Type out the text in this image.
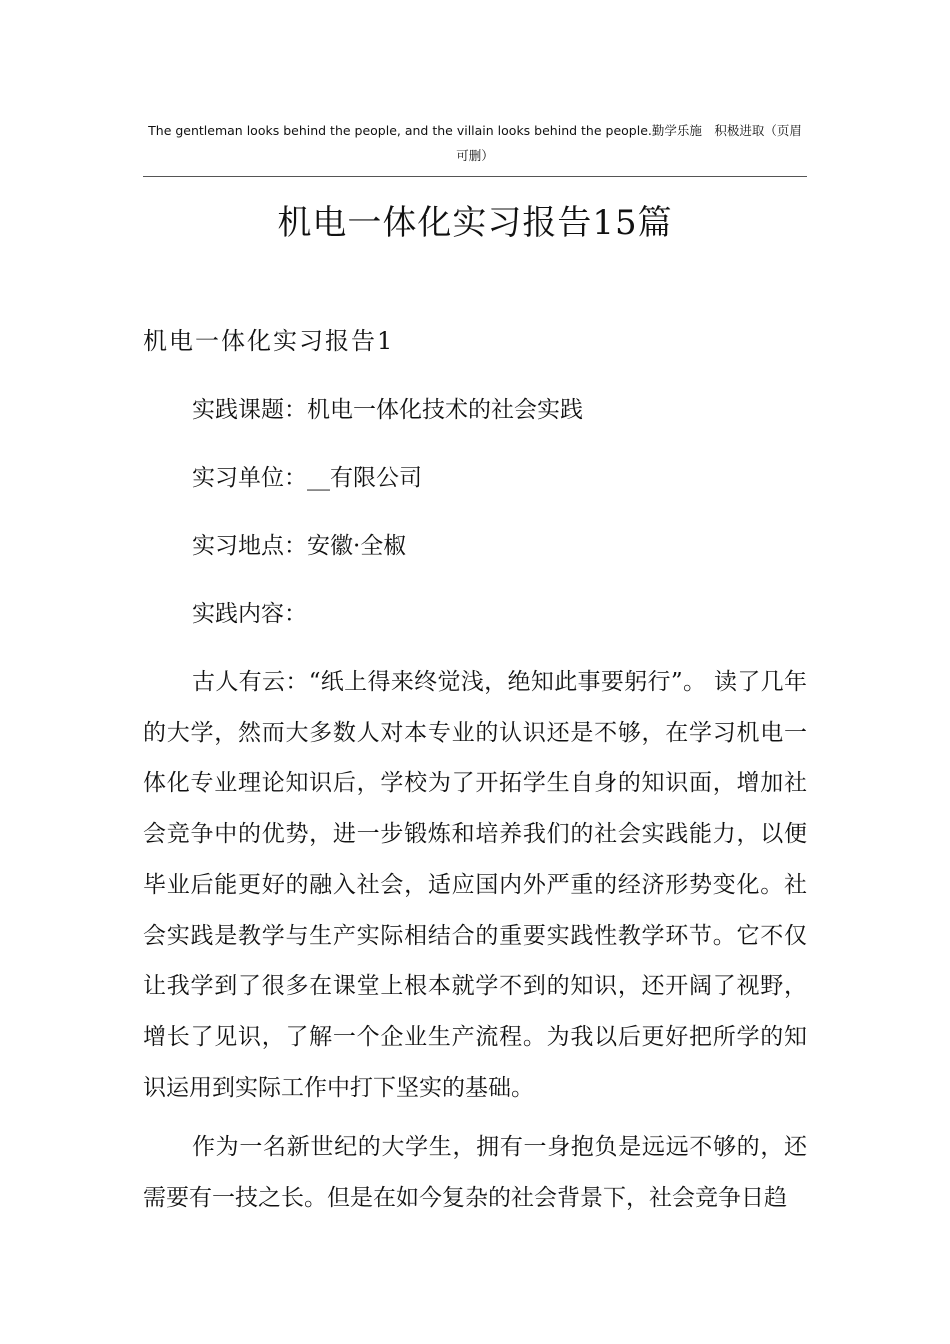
The gentleman looks behind the people, and the villain looks behind the people.勤学乐施　积极进取（页眉可删）
机电一体化实习报告15篇
机电一体化实习报告1

实践课题：机电一体化技术的社会实践

实习单位：__有限公司

实习地点：安徽·全椒

实践内容：

古人有云：“纸上得来终觉浅，绝知此事要躬行”。 读了几年的大学，然而大多数人对本专业的认识还是不够，在学习机电一体化专业理论知识后，学校为了开拓学生自身的知识面，增加社会竞争中的优势，进一步锻炼和培养我们的社会实践能力，以便毕业后能更好的融入社会，适应国内外严重的经济形势变化。社会实践是教学与生产实际相结合的重要实践性教学环节。它不仅让我学到了很多在课堂上根本就学不到的知识，还开阔了视野，增长了见识，了解一个企业生产流程。为我以后更好把所学的知识运用到实际工作中打下坚实的基础。

作为一名新世纪的大学生，拥有一身抱负是远远不够的，还需要有一技之长。但是在如今复杂的社会背景下，社会竞争日趋
